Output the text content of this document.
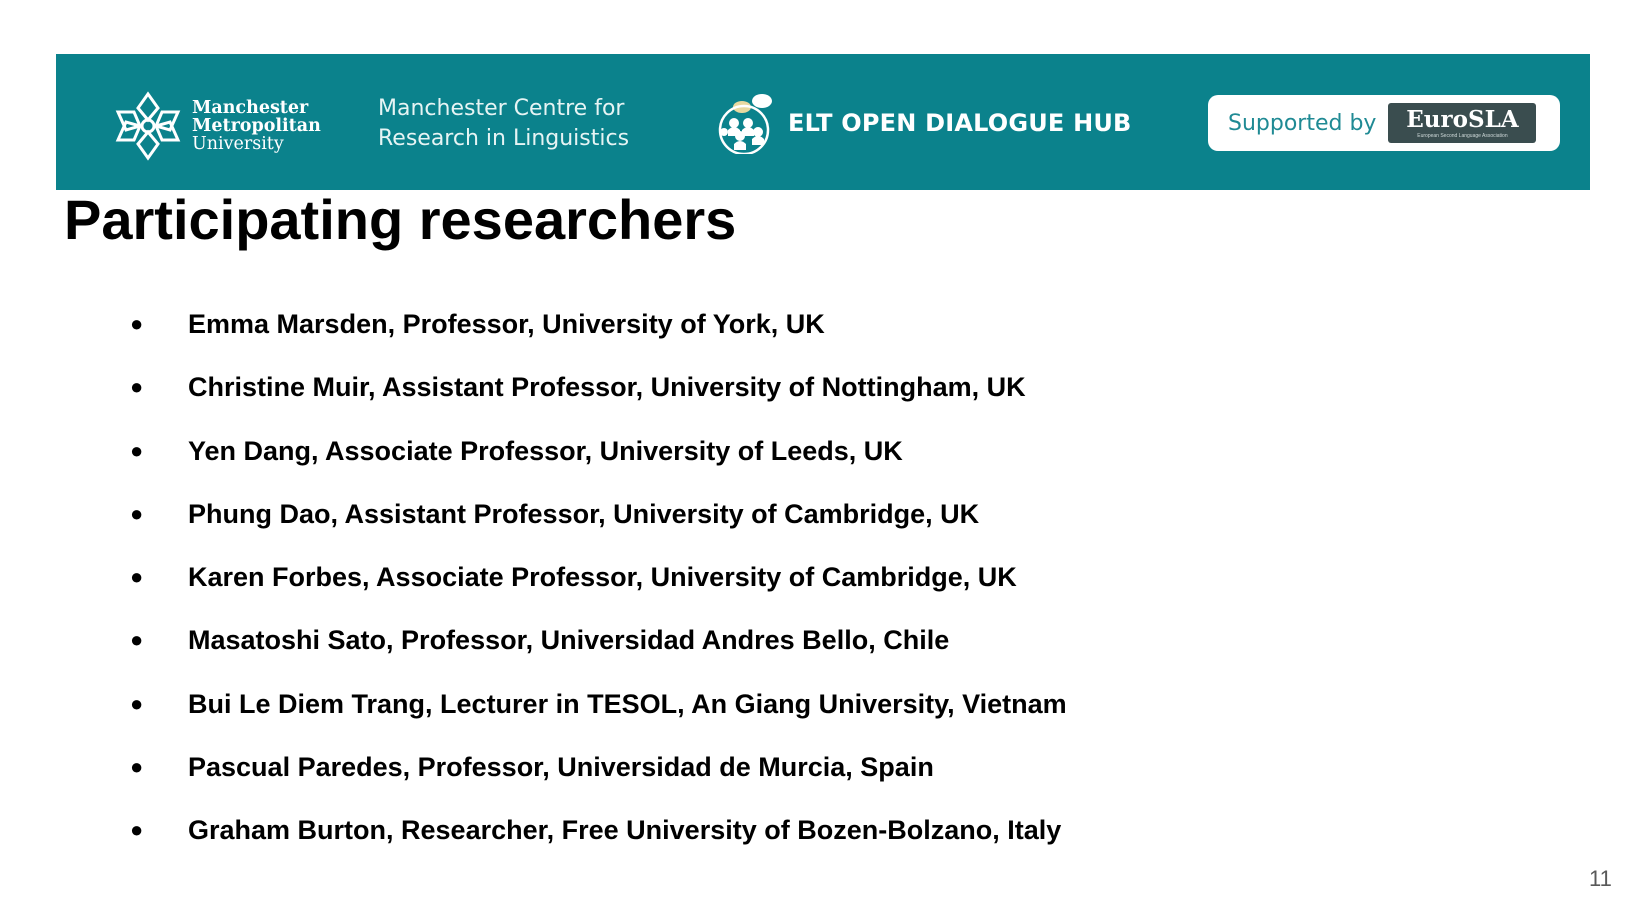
Manchester
Metropolitan
University
Manchester Centre for
Research in Linguistics
ELT OPEN DIALOGUE HUB	Supported by EuroSLA
European Second Language Association
Participating researchers
●	Emma Marsden, Professor, University of York, UK
●	Christine Muir, Assistant Professor, University of Nottingham, UK
●	Yen Dang, Associate Professor, University of Leeds, UK
●	Phung Dao, Assistant Professor, University of Cambridge, UK
●	Karen Forbes, Associate Professor, University of Cambridge, UK
●	Masatoshi Sato, Professor, Universidad Andres Bello, Chile
●	Bui Le Diem Trang, Lecturer in TESOL, An Giang University, Vietnam
●	Pascual Paredes, Professor, Universidad de Murcia, Spain
●	Graham Burton, Researcher, Free University of Bozen-Bolzano, Italy
11
